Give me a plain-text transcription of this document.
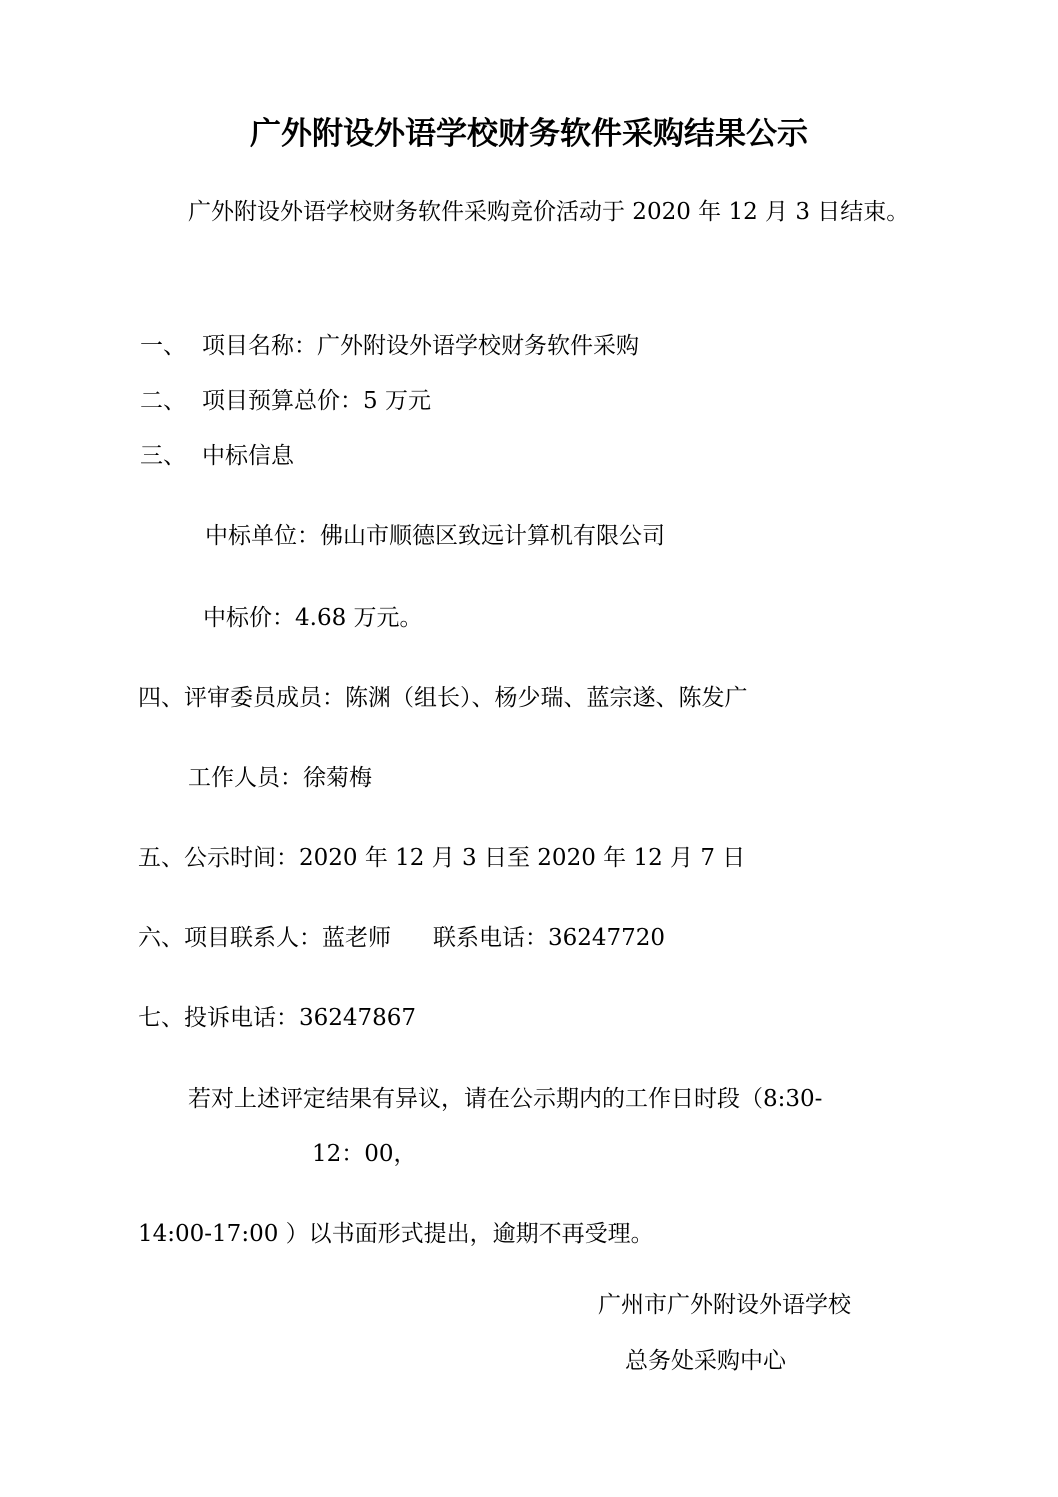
广外附设外语学校财务软件采购结果公示
广外附设外语学校财务软件采购竞价活动于 2020 年 12 月 3 日结束。
一、 项目名称：广外附设外语学校财务软件采购
二、 项目预算总价：5 万元
三、 中标信息
中标单位：佛山市顺德区致远计算机有限公司
中标价：4.68 万元。
四、评审委员成员：陈渊（组长）、杨少瑞、蓝宗遂、陈发广
工作人员：徐菊梅
五、公示时间：2020 年 12 月 3 日至 2020 年 12 月 7 日
六、项目联系人：蓝老师 联系电话：36247720
七、投诉电话：36247867
若对上述评定结果有异议，请在公示期内的工作日时段（8:30-
12：00，
14:00-17:00 ）以书面形式提出，逾期不再受理。
广州市广外附设外语学校
总务处采购中心
